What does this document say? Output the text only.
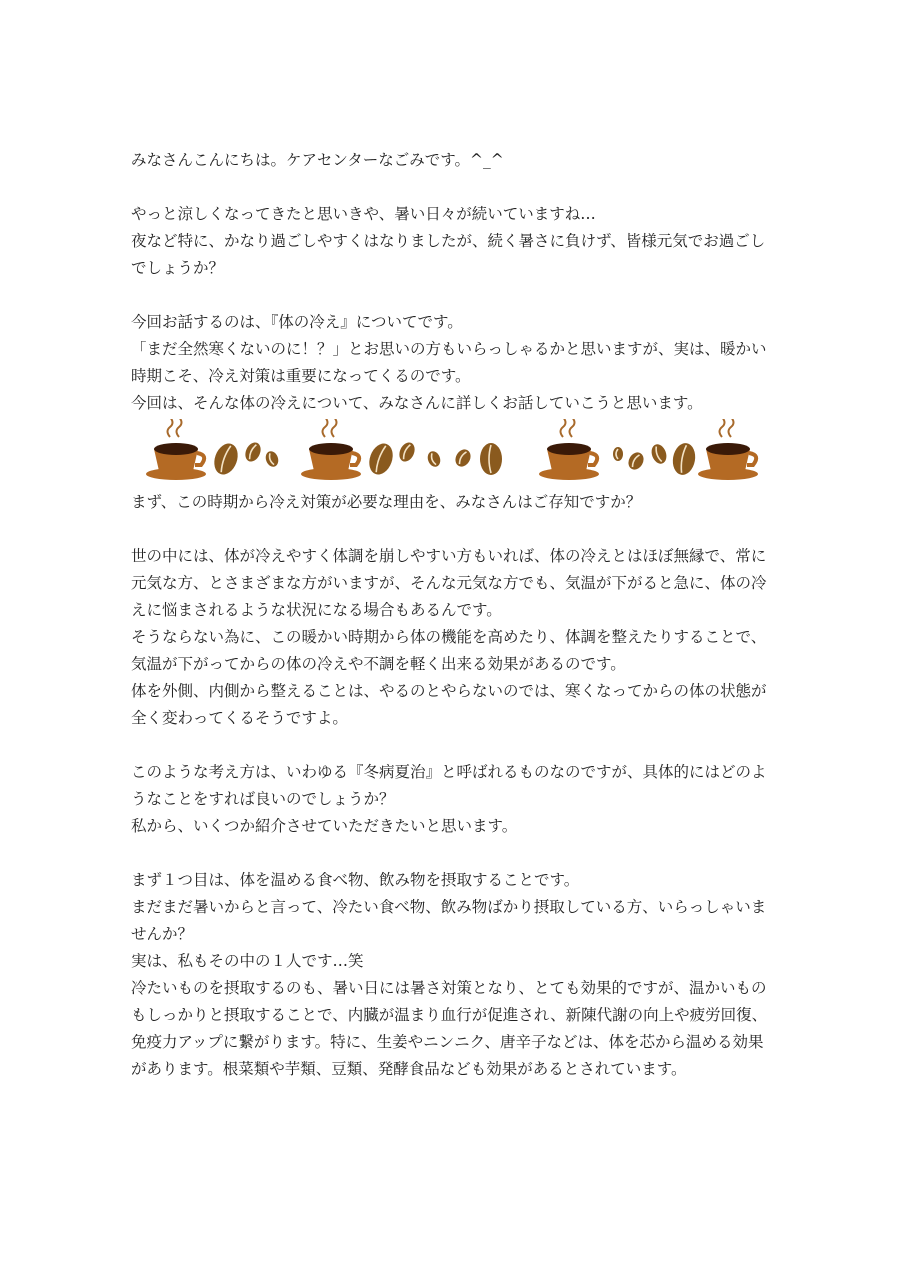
みなさんこんにちは。ケアセンターなごみです。^_^
やっと涼しくなってきたと思いきや、暑い日々が続いていますね…
夜など特に、かなり過ごしやすくはなりましたが、続く暑さに負けず、皆様元気でお過ごし
でしょうか？
今回お話するのは、『体の冷え』についてです。
「まだ全然寒くないのに！？」とお思いの方もいらっしゃるかと思いますが、実は、暖かい
時期こそ、冷え対策は重要になってくるのです。
今回は、そんな体の冷えについて、みなさんに詳しくお話していこうと思います。
まず、この時期から冷え対策が必要な理由を、みなさんはご存知ですか？
世の中には、体が冷えやすく体調を崩しやすい方もいれば、体の冷えとはほぼ無縁で、常に
元気な方、とさまざまな方がいますが、そんな元気な方でも、気温が下がると急に、体の冷
えに悩まされるような状況になる場合もあるんです。
そうならない為に、この暖かい時期から体の機能を高めたり、体調を整えたりすることで、
気温が下がってからの体の冷えや不調を軽く出来る効果があるのです。
体を外側、内側から整えることは、やるのとやらないのでは、寒くなってからの体の状態が
全く変わってくるそうですよ。
このような考え方は、いわゆる『冬病夏治』と呼ばれるものなのですが、具体的にはどのよ
うなことをすれば良いのでしょうか？
私から、いくつか紹介させていただきたいと思います。
まず１つ目は、体を温める食べ物、飲み物を摂取することです。
まだまだ暑いからと言って、冷たい食べ物、飲み物ばかり摂取している方、いらっしゃいま
せんか？
実は、私もその中の１人です…笑
冷たいものを摂取するのも、暑い日には暑さ対策となり、とても効果的ですが、温かいもの
もしっかりと摂取することで、内臓が温まり血行が促進され、新陳代謝の向上や疲労回復、
免疫力アップに繋がります。特に、生姜やニンニク、唐辛子などは、体を芯から温める効果
があります。根菜類や芋類、豆類、発酵食品なども効果があるとされています。
